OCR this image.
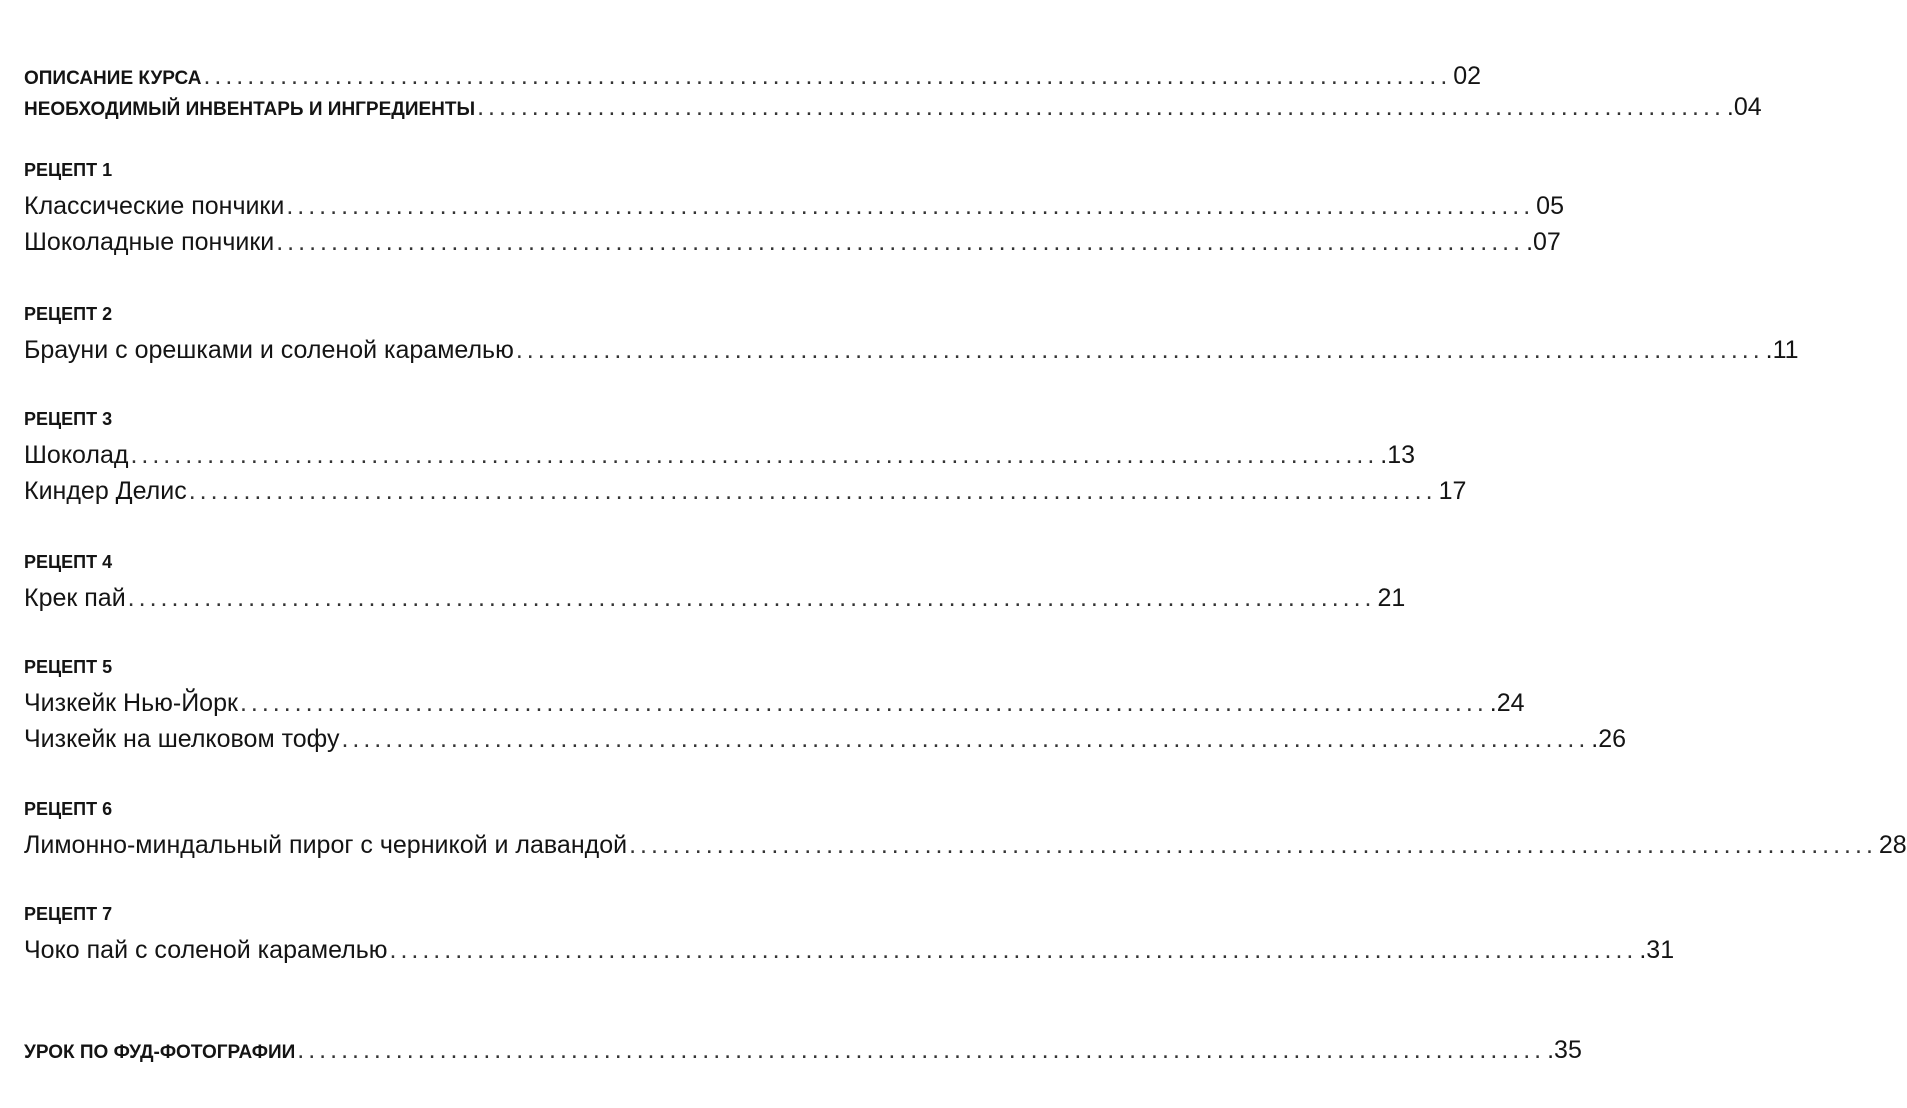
ОПИСАНИЕ КУРСА .................................................................................................................. 02
НЕОБХОДИМЫЙ ИНВЕНТАРЬ И ИНГРЕДИЕНТЫ .................................................................................................................. .04
РЕЦЕПТ 1
Классические пончики .................................................................................................................. 05
Шоколадные пончики .................................................................................................................. .07
РЕЦЕПТ 2
Брауни с орешками и соленой карамелью .................................................................................................................. .11
РЕЦЕПТ 3
Шоколад .................................................................................................................. .13
Киндер Делис .................................................................................................................. 17
РЕЦЕПТ 4
Крек пай .................................................................................................................. 21
РЕЦЕПТ 5
Чизкейк Нью-Йорк .................................................................................................................. .24
Чизкейк на шелковом тофу .................................................................................................................. .26
РЕЦЕПТ 6
Лимонно-миндальный пирог с черникой и лавандой .................................................................................................................. 28
РЕЦЕПТ 7
Чоко пай с соленой карамелью .................................................................................................................. .31
УРОК ПО ФУД-ФОТОГРАФИИ .................................................................................................................. .35
